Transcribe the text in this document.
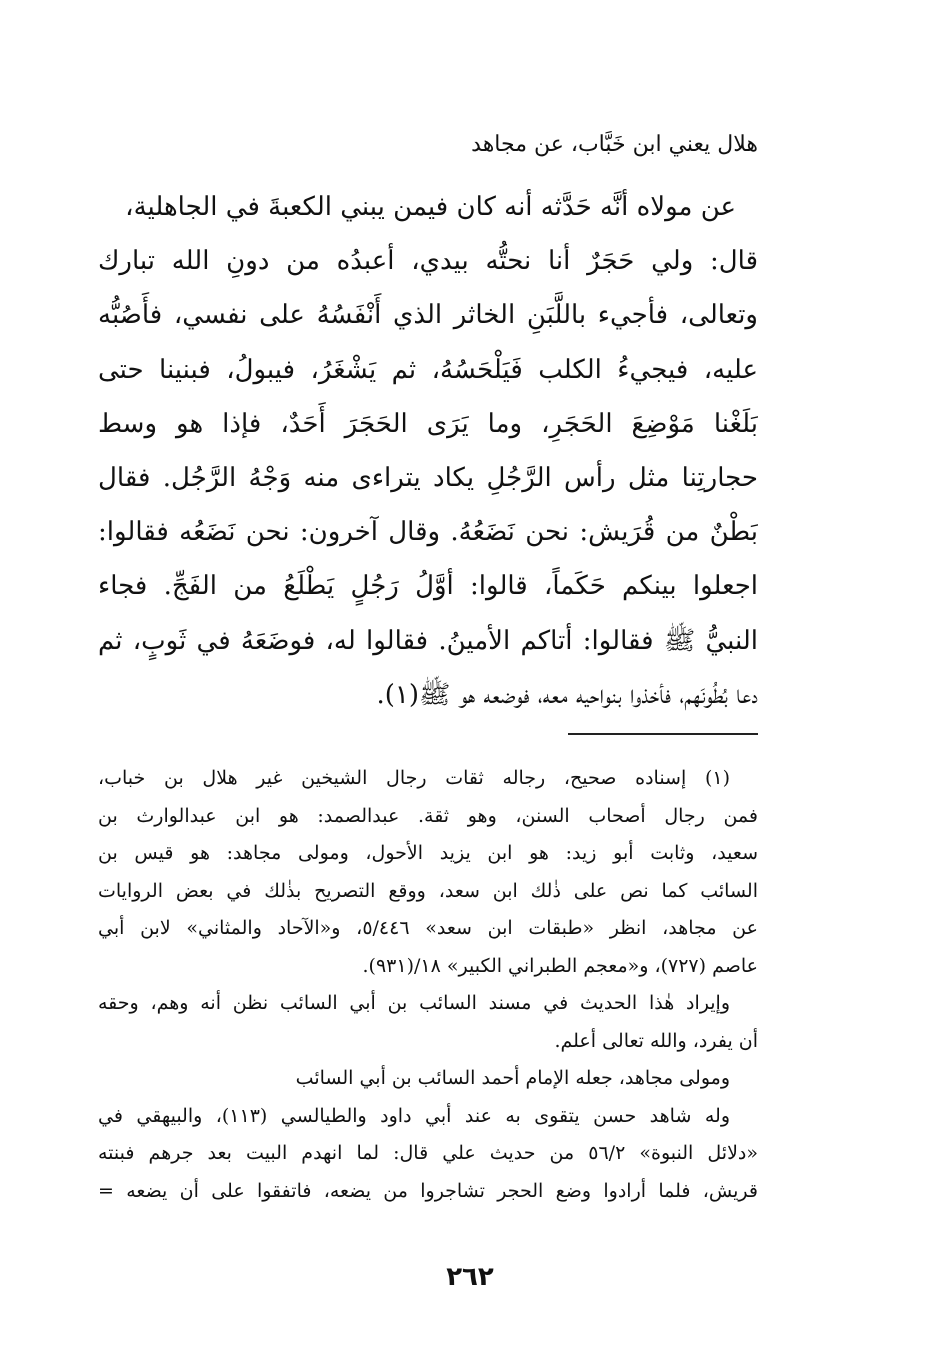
هلال يعني ابن خَبَّاب، عن مجاهد
عن مولاه أنَّه حَدَّثه أنه كان فيمن يبني الكعبةَ في الجاهلية،
قال: ولي حَجَرٌ أنا نحتُّه بيدي، أعبدُه من دونِ الله تبارك
وتعالى، فأجيء باللَّبَنِ الخاثر الذي أَنْفَسُهُ على نفسي، فأَصُبُّه
عليه، فيجيءُ الكلب فَيَلْحَسُهُ، ثم يَشْغَرُ، فيبولُ، فبنينا حتى
بَلَغْنا مَوْضِعَ الحَجَرِ، وما يَرَى الحَجَرَ أَحَدٌ، فإذا هو وسط
حجارتِنا مثل رأس الرَّجُلِ يكاد يتراءى منه وَجْهُ الرَّجُل. فقال
بَطْنٌ من قُرَيش: نحن نَضَعُهُ. وقال آخرون: نحن نَضَعُه فقالوا:
اجعلوا بينكم حَكَماً، قالوا: أوَّلُ رَجُلٍ يَطْلَعُ من الفَجِّ. فجاء
النبيُّ ﷺ فقالوا: أتاكم الأمينُ. فقالوا له، فوضَعَهُ في ثَوبٍ، ثم
دعا بُطُونَهم، فأخذوا بنواحيه معه، فوضعه هو ﷺ(١).
(١) إسناده صحيح، رجاله ثقات رجال الشيخين غير هلال بن خباب،
فمن رجال أصحاب السنن، وهو ثقة. عبدالصمد: هو ابن عبدالوارث بن
سعيد، وثابت أبو زيد: هو ابن يزيد الأحول، ومولى مجاهد: هو قيس بن
السائب كما نص على ذٰلك ابن سعد، ووقع التصريح بذٰلك في بعض الروايات
عن مجاهد، انظر «طبقات ابن سعد» ٥/٤٤٦، و«الآحاد والمثاني» لابن أبي
عاصم (٧٢٧)، و«معجم الطبراني الكبير» ١٨/(٩٣١).
وإيراد هٰذا الحديث في مسند السائب بن أبي السائب نظن أنه وهم، وحقه
أن يفرد، والله تعالى أعلم.
ومولى مجاهد، جعله الإمام أحمد السائب بن أبي السائب
وله شاهد حسن يتقوى به عند أبي داود والطيالسي (١١٣)، والبيهقي في
«دلائل النبوة» ٥٦/٢ من حديث علي قال: لما انهدم البيت بعد جرهم فبنته
قريش، فلما أرادوا وضع الحجر تشاجروا من يضعه، فاتفقوا على أن يضعه =
٢٦٢
